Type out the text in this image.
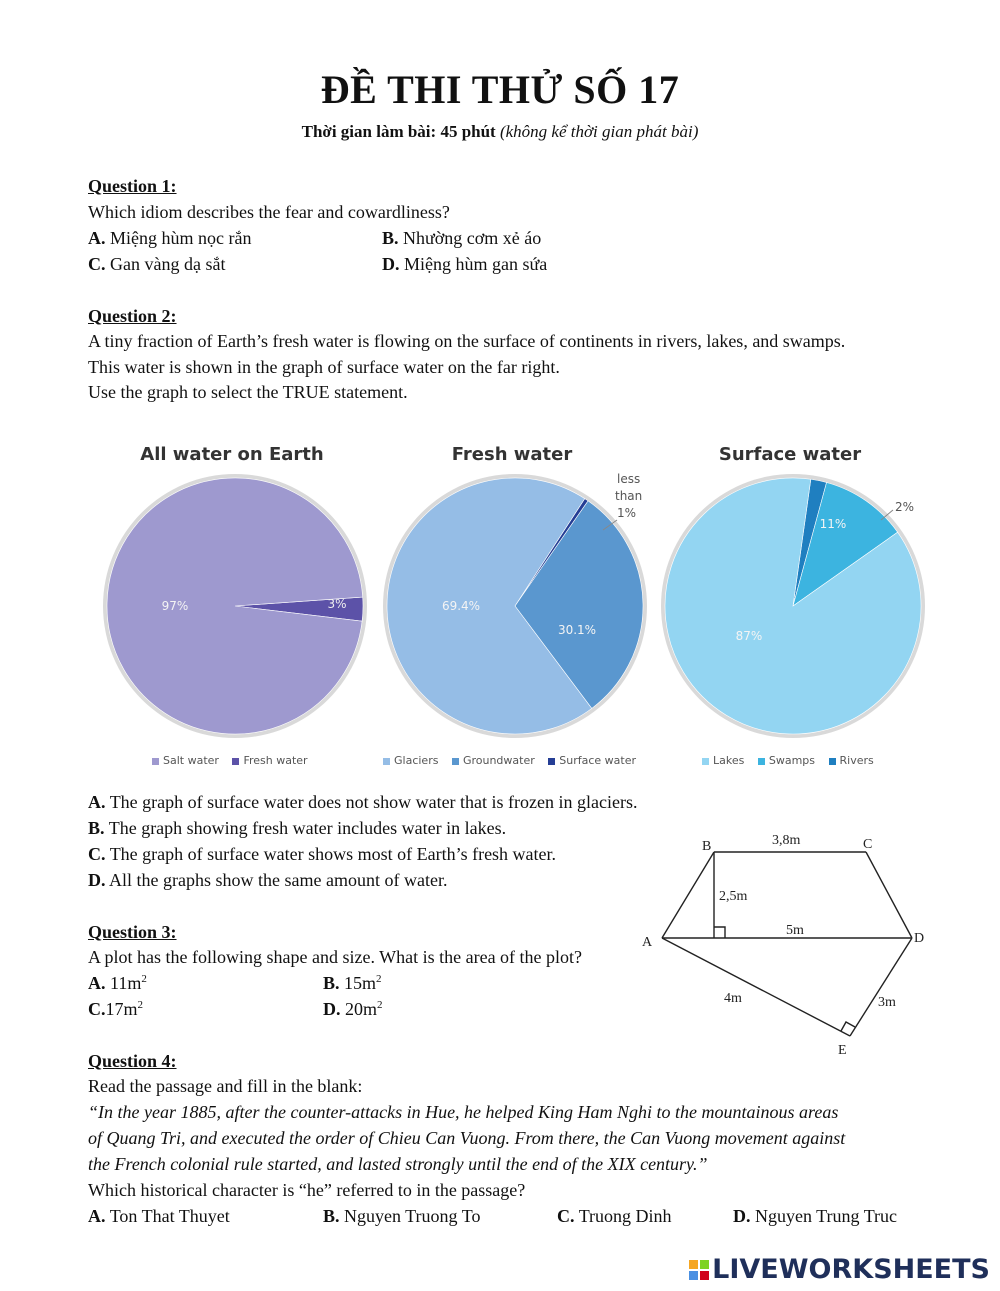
ĐỀ THI THỬ SỐ 17
Thời gian làm bài: 45 phút (không kể thời gian phát bài)
Question 1:
Which idiom describes the fear and cowardliness?
A. Miệng hùm nọc rắn	B. Nhường cơm xẻ áo
C. Gan vàng dạ sắt	D. Miệng hùm gan sứa
Question 2:
A tiny fraction of Earth’s fresh water is flowing on the surface of continents in rivers, lakes, and swamps.
This water is shown in the graph of surface water on the far right.
Use the graph to select the TRUE statement.
All water on Earth	Fresh water	Surface water
97%	3%	69.4%
30.1%	87%
11%
less
than
1%	2%
Salt water Fresh water	Glaciers Groundwater Surface water	Lakes Swamps Rivers
A. The graph of surface water does not show water that is frozen in glaciers.
B. The graph showing fresh water includes water in lakes.
C. The graph of surface water shows most of Earth’s fresh water.
D. All the graphs show the same amount of water.
B	C
A	D
E
3,8m
2,5m
5m
4m	3m
Question 3:
A plot has the following shape and size. What is the area of the plot?
A. $11m^2$	B. $15m^2$
$C.17m^2$	D. $20m^2$
Question 4:
Read the passage and fill in the blank:
“In the year 1885, after the counter-attacks in Hue, he helped King Ham Nghi to the mountainous areas
of Quang Tri, and executed the order of Chieu Can Vuong. From there, the Can Vuong movement against
the French colonial rule started, and lasted strongly until the end of the XIX century.”
Which historical character is “he” referred to in the passage?
A. Ton That Thuyet	B. Nguyen Truong To	C. Truong Dinh	D. Nguyen Trung Truc
LIVEWORKSHEETS
